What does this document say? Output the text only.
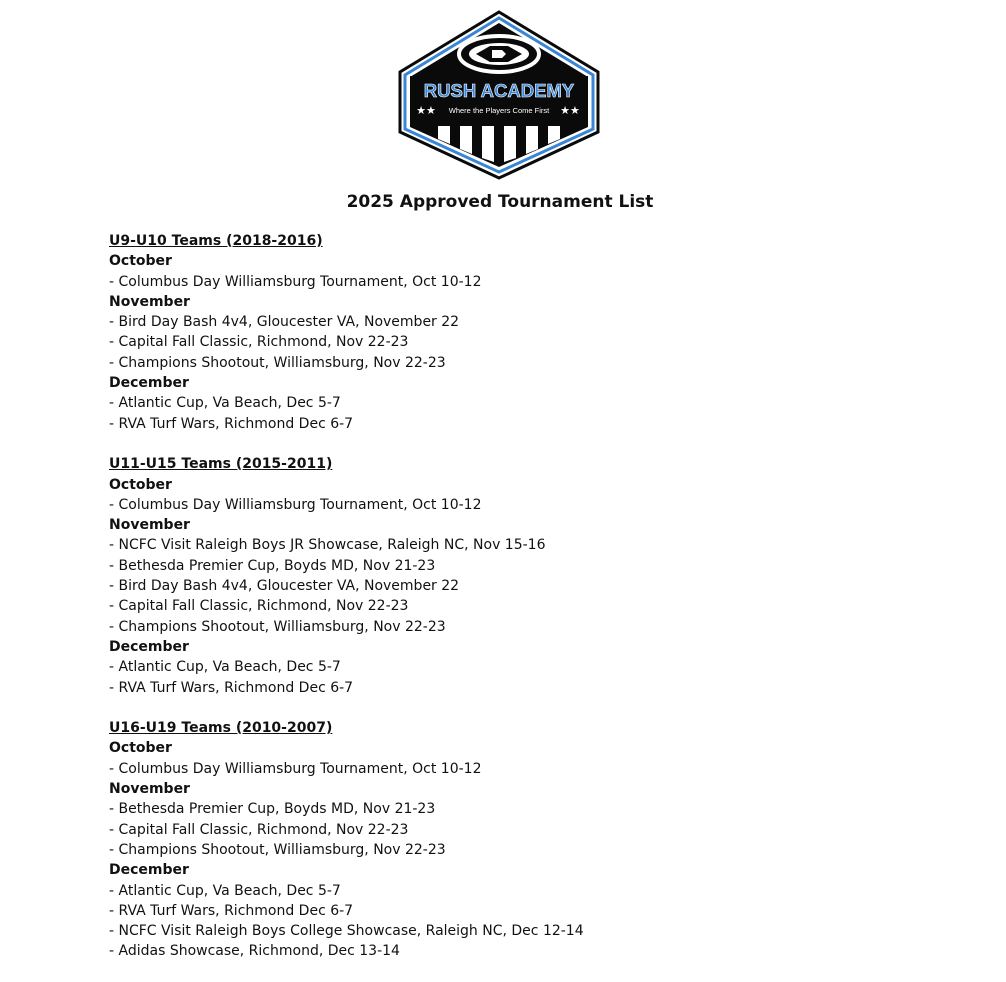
RUSH ACADEMY
★★	★★
Where the Players Come First
2025 Approved Tournament List
U9-U10 Teams (2018-2016)
October
- Columbus Day Williamsburg Tournament, Oct 10-12
November
- Bird Day Bash 4v4, Gloucester VA, November 22
- Capital Fall Classic, Richmond, Nov 22-23
- Champions Shootout, Williamsburg, Nov 22-23
December
- Atlantic Cup, Va Beach, Dec 5-7
- RVA Turf Wars, Richmond Dec 6-7
U11-U15 Teams (2015-2011)
October
- Columbus Day Williamsburg Tournament, Oct 10-12
November
- NCFC Visit Raleigh Boys JR Showcase, Raleigh NC, Nov 15-16
- Bethesda Premier Cup, Boyds MD, Nov 21-23
- Bird Day Bash 4v4, Gloucester VA, November 22
- Capital Fall Classic, Richmond, Nov 22-23
- Champions Shootout, Williamsburg, Nov 22-23
December
- Atlantic Cup, Va Beach, Dec 5-7
- RVA Turf Wars, Richmond Dec 6-7
U16-U19 Teams (2010-2007)
October
- Columbus Day Williamsburg Tournament, Oct 10-12
November
- Bethesda Premier Cup, Boyds MD, Nov 21-23
- Capital Fall Classic, Richmond, Nov 22-23
- Champions Shootout, Williamsburg, Nov 22-23
December
- Atlantic Cup, Va Beach, Dec 5-7
- RVA Turf Wars, Richmond Dec 6-7
- NCFC Visit Raleigh Boys College Showcase, Raleigh NC, Dec 12-14
- Adidas Showcase, Richmond, Dec 13-14
